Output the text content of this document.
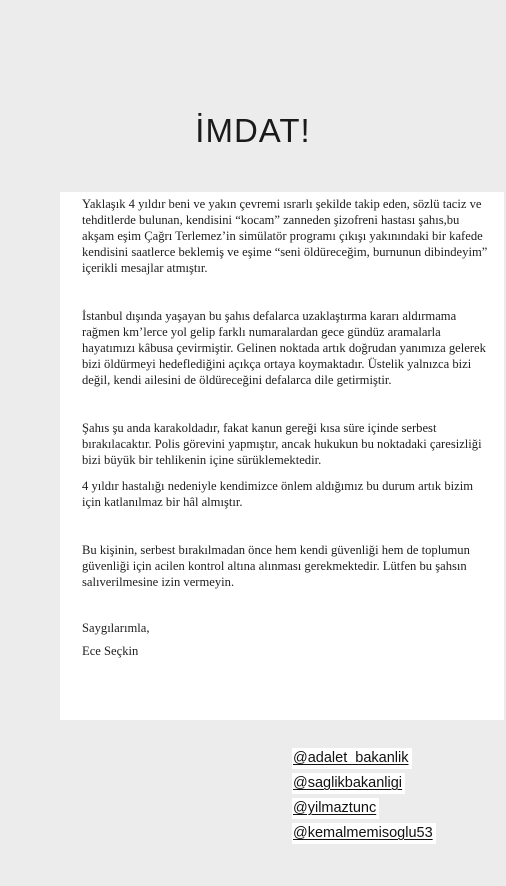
İMDAT!

Yaklaşık 4 yıldır beni ve yakın çevremi ısrarlı şekilde takip eden, sözlü taciz ve tehditlerde bulunan, kendisini “kocam” zanneden şizofreni hastası şahıs,bu akşam eşim Çağrı Terlemez’in simülatör programı çıkışı yakınındaki bir kafede kendisini saatlerce beklemiş ve eşime “seni öldüreceğim, burnunun dibindeyim” içerikli mesajlar atmıştır.

İstanbul dışında yaşayan bu şahıs defalarca uzaklaştırma kararı aldırmama rağmen km’lerce yol gelip farklı numaralardan gece gündüz aramalarla hayatımızı kâbusa çevirmiştir. Gelinen noktada artık doğrudan yanımıza gelerek bizi öldürmeyi hedeflediğini açıkça ortaya koymaktadır. Üstelik yalnızca bizi değil, kendi ailesini de öldüreceğini defalarca dile getirmiştir.

Şahıs şu anda karakoldadır, fakat kanun gereği kısa süre içinde serbest bırakılacaktır. Polis görevini yapmıştır, ancak hukukun bu noktadaki çaresizliği bizi büyük bir tehlikenin içine sürüklemektedir.

4 yıldır hastalığı nedeniyle kendimizce önlem aldığımız bu durum artık bizim için katlanılmaz bir hâl almıştır.

Bu kişinin, serbest bırakılmadan önce hem kendi güvenliği hem de toplumun güvenliği için acilen kontrol altına alınması gerekmektedir. Lütfen bu şahsın salıverilmesine izin vermeyin.

Saygılarımla,

Ece Seçkin

@adalet_bakanlik
@saglikbakanligi
@yilmaztunc
@kemalmemisoglu53
